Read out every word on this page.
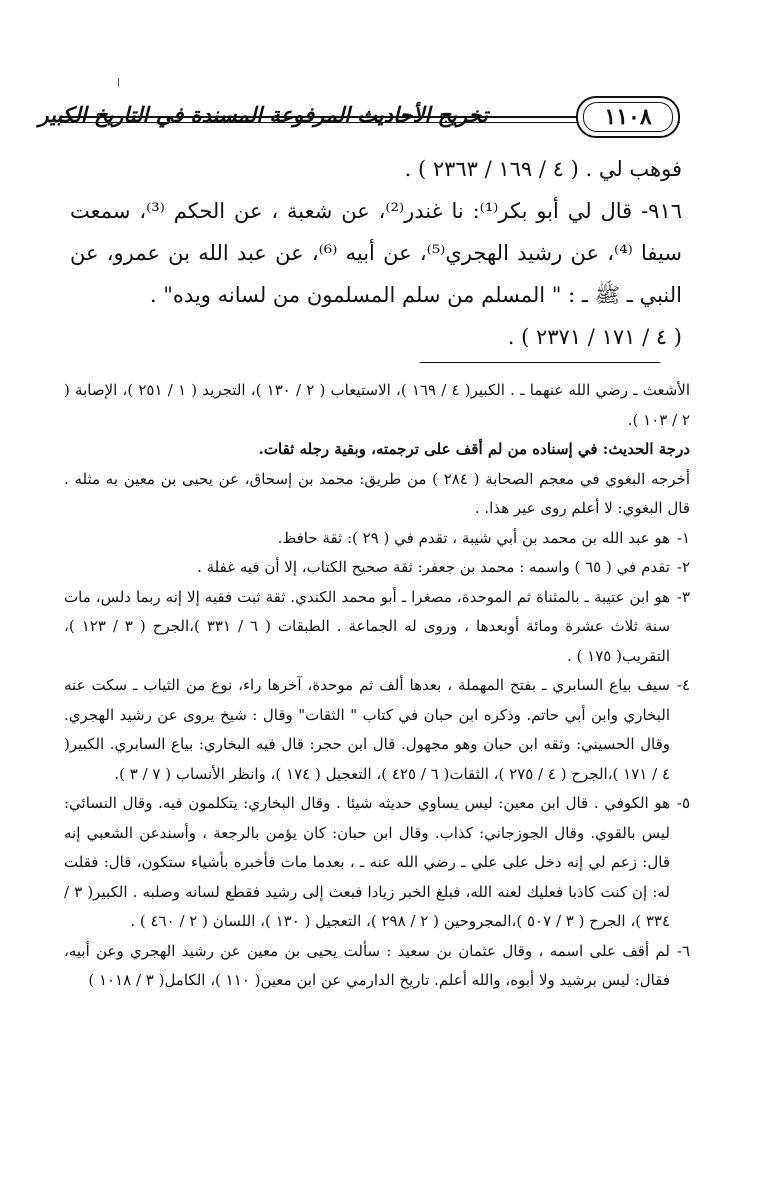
تخريج الأحاديث المرفوعة المسندة في التاريخ الكبير	١١٠٨

فوهب لي . ( ٤ / ١٦٩ / ٢٣٦٣ ) .

٩١٦- قال لي أبو بكر⁽¹⁾: نا غندر⁽²⁾، عن شعبة ، عن الحكم ⁽³⁾، سمعت سيفا ⁽⁴⁾، عن رشيد الهجري⁽⁵⁾، عن أبيه ⁽⁶⁾، عن عبد الله بن عمرو، عن النبي ـ ﷺ ـ : " المسلم من سلم المسلمون من لسانه ويده" .

( ٤ / ١٧١ / ٢٣٧١ ) .

الأشعث ـ رضي الله عنهما ـ . الكبير( ٤ / ١٦٩ )، الاستيعاب ( ٢ / ١٣٠ )، التجريد ( ١ / ٢٥١ )، الإصابة ( ٢ / ١٠٣ ).

درجة الحديث: في إسناده من لم أقف على ترجمته، وبقية رجله ثقات.

أخرجه البغوي في معجم الصحابة ( ٢٨٤ ) من طريق: محمد بن إسحاق، عن يحيى بن معين به مثله . قال البغوي: لا أعلم روى عير هذا. .

١-
هو عبد الله بن محمد بن أبي شيبة ، تقدم في ( ٢٩ ): ثقة حافظ.

٢-
تقدم في ( ٦٥ ) واسمه : محمد بن جعفر: ثقة صحيح الكتاب، إلا أن فيه غفلة .

٣-
هو ابن عتيبة ـ بالمثناة ثم الموحدة، مصغرا ـ أبو محمد الكندي. ثقة ثبت فقيه إلا إنه ربما دلس، مات سنة ثلاث عشرة ومائة أوبعدها ، وروى له الجماعة . الطبقات ( ٦ / ٣٣١ )،الجرح ( ٣ / ١٢٣ )، التقريب( ١٧٥ ) .

٤-
سيف بياع السابري ـ بفتح المهملة ، بعدها ألف ثم موحدة، آخرها راء، نوع من الثياب ـ سكت عنه البخاري وابن أبي حاتم. وذكره ابن حبان في كتاب " الثقات" وقال : شيخ يروى عن رشيد الهجري. وقال الحسيني: وثقه ابن حبان وهو مجهول. قال ابن حجر: قال فيه البخاري: بياع السابري. الكبير( ٤ / ١٧١ )،الجرح ( ٤ / ٢٧٥ )، الثقات( ٦ / ٤٢٥ )، التعجيل ( ١٧٤ )، وانظر الأنساب ( ٧ / ٣ ).

٥-
هو الكوفي . قال ابن معين: ليس يساوي حديثه شيئا . وقال البخاري: يتكلمون فيه. وقال النسائي: ليس بالقوي. وقال الجوزجاني: كذاب. وقال ابن حبان: كان يؤمن بالرجعة ، وأسندعن الشعبي إنه قال: زعم لي إنه دخل على علي ـ رضي الله عنه ـ ، بعدما مات فأخبره بأشياء ستكون، قال: فقلت له: إن كنت كاذبا فعليك لعنه الله، فبلغ الخبر زيادا فبعث إلى رشيد فقطع لسانه وصلبه . الكبير( ٣ / ٣٣٤ )، الجرح ( ٣ / ٥٠٧ )،المجروحين ( ٢ / ٢٩٨ )، التعجيل ( ١٣٠ )، اللسان ( ٢ / ٤٦٠ ) .

٦-
لم أقف على اسمه ، وقال عثمان بن سعيد : سألت يحيى بن معين عن رشيد الهجري وعن أبيه، فقال: ليس برشيد ولا أبوه، والله أعلم. تاريخ الدارمي عن ابن معين( ١١٠ )، الكامل( ٣ / ١٠١٨ )
